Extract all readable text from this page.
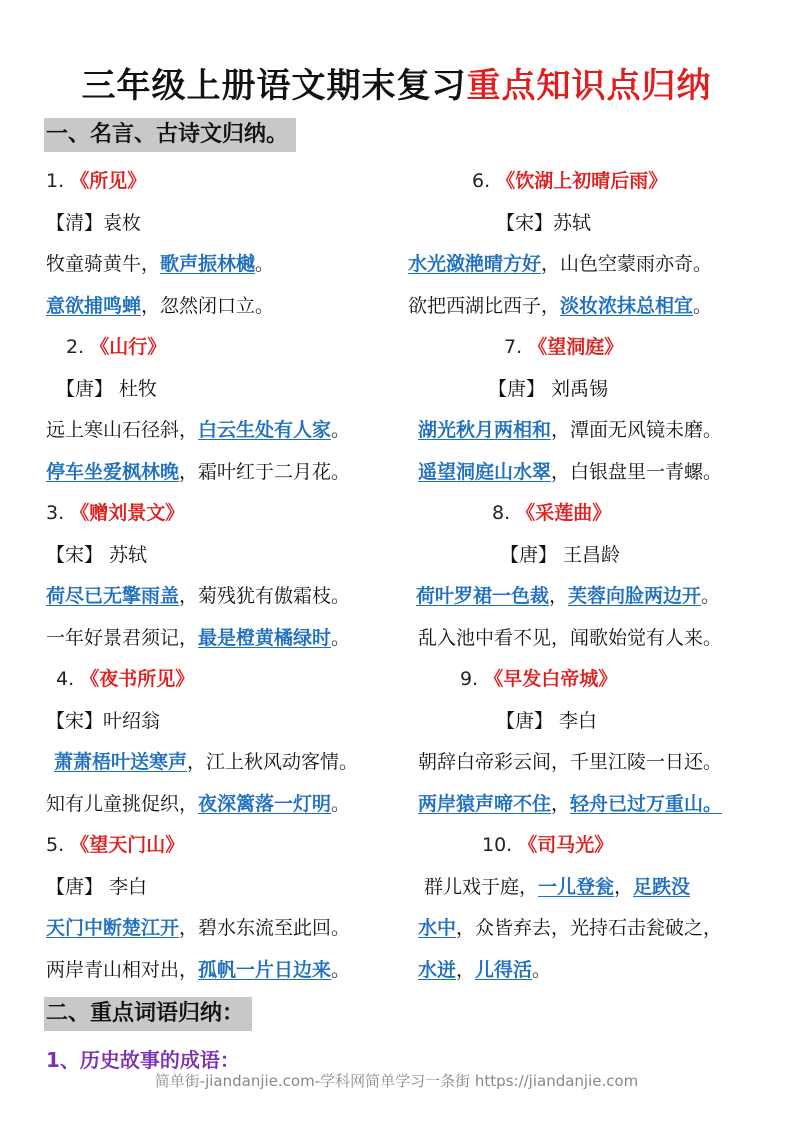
三年级上册语文期末复习重点知识点归纳
一、名言、古诗文归纳。
1. 《所见》
【清】袁枚
牧童骑黄牛，歌声振林樾。
意欲捕鸣蝉，忽然闭口立。
2. 《山行》
【唐】 杜牧
远上寒山石径斜，白云生处有人家。
停车坐爱枫林晚，霜叶红于二月花。
3. 《赠刘景文》
【宋】 苏轼
荷尽已无擎雨盖，菊残犹有傲霜枝。
一年好景君须记，最是橙黄橘绿时。
4. 《夜书所见》
【宋】叶绍翁
萧萧梧叶送寒声，江上秋风动客情。
知有儿童挑促织，夜深篱落一灯明。
5. 《望天门山》
【唐】 李白
天门中断楚江开，碧水东流至此回。
两岸青山相对出，孤帆一片日边来。
6. 《饮湖上初晴后雨》
【宋】苏轼
水光潋滟晴方好，山色空蒙雨亦奇。
欲把西湖比西子，淡妆浓抹总相宜。
7. 《望洞庭》
【唐】 刘禹锡
湖光秋月两相和，潭面无风镜未磨。
遥望洞庭山水翠，白银盘里一青螺。
8. 《采莲曲》
【唐】 王昌龄
荷叶罗裙一色裁，芙蓉向脸两边开。
乱入池中看不见，闻歌始觉有人来。
9. 《早发白帝城》
【唐】 李白
朝辞白帝彩云间，千里江陵一日还。
两岸猿声啼不住，轻舟已过万重山。
10. 《司马光》
群儿戏于庭，一儿登瓮，足跌没
水中，众皆弃去，光持石击瓮破之，
水迸，儿得活。
二、重点词语归纳：
1、历史故事的成语：
简单街-jiandanjie.com-学科网简单学习一条街 https://jiandanjie.com
